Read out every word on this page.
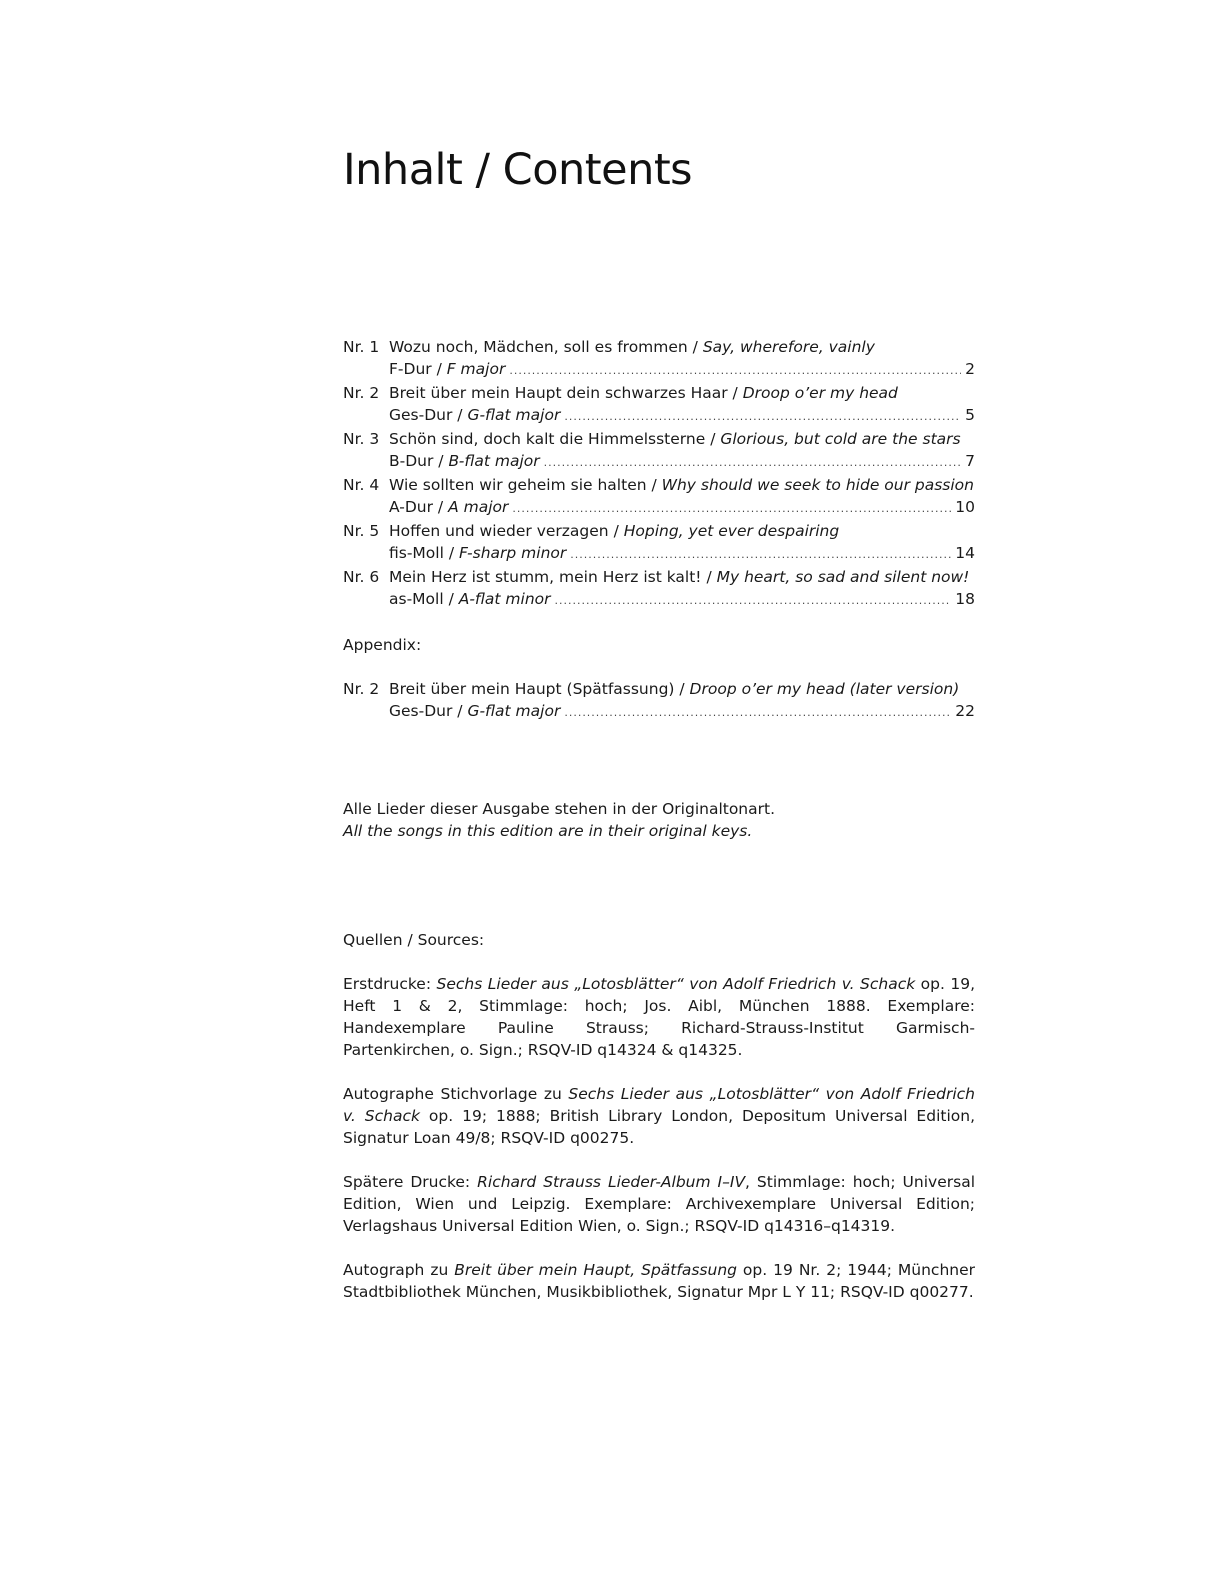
Inhalt / Contents
Nr. 1 Wozu noch, Mädchen, soll es frommen / Say, wherefore, vainly
F-Dur / F major .....	2
Nr. 2 Breit über mein Haupt dein schwarzes Haar / Droop o’er my head
Ges-Dur / G-flat major .....	5
Nr. 3 Schön sind, doch kalt die Himmelssterne / Glorious, but cold are the stars
B-Dur / B-flat major .....	7
Nr. 4 Wie sollten wir geheim sie halten / Why should we seek to hide our passion
A-Dur / A major .....	10
Nr. 5 Hoffen und wieder verzagen / Hoping, yet ever despairing
fis-Moll / F-sharp minor .....	14
Nr. 6 Mein Herz ist stumm, mein Herz ist kalt! / My heart, so sad and silent now!
as-Moll / A-flat minor .....	18
Appendix:
Nr. 2 Breit über mein Haupt (Spätfassung) / Droop o’er my head (later version)
Ges-Dur / G-flat major .....	22
Alle Lieder dieser Ausgabe stehen in der Originaltonart.
All the songs in this edition are in their original keys.

Quellen / Sources:

Erstdrucke: Sechs Lieder aus „Lotosblätter“ von Adolf Friedrich v. Schack op. 19, Heft 1 & 2, Stimmlage: hoch; Jos. Aibl, München 1888. Exemplare: Handexemplare Pauline Strauss; Richard-Strauss-Institut Garmisch-Partenkirchen, o. Sign.; RSQV-ID q14324 & q14325.

Autographe Stichvorlage zu Sechs Lieder aus „Lotosblätter“ von Adolf Friedrich v. Schack op. 19; 1888; British Library London, Depositum Universal Edition, Signatur Loan 49/8; RSQV-ID q00275.

Spätere Drucke: Richard Strauss Lieder-Album I–IV, Stimmlage: hoch; Universal Edition, Wien und Leipzig. Exemplare: Archivexemplare Universal Edition; Verlagshaus Universal Edition Wien, o. Sign.; RSQV-ID q14316–q14319.

Autograph zu Breit über mein Haupt, Spätfassung op. 19 Nr. 2; 1944; Münchner Stadtbibliothek München, Musikbibliothek, Signatur Mpr L Y 11; RSQV-ID q00277.
